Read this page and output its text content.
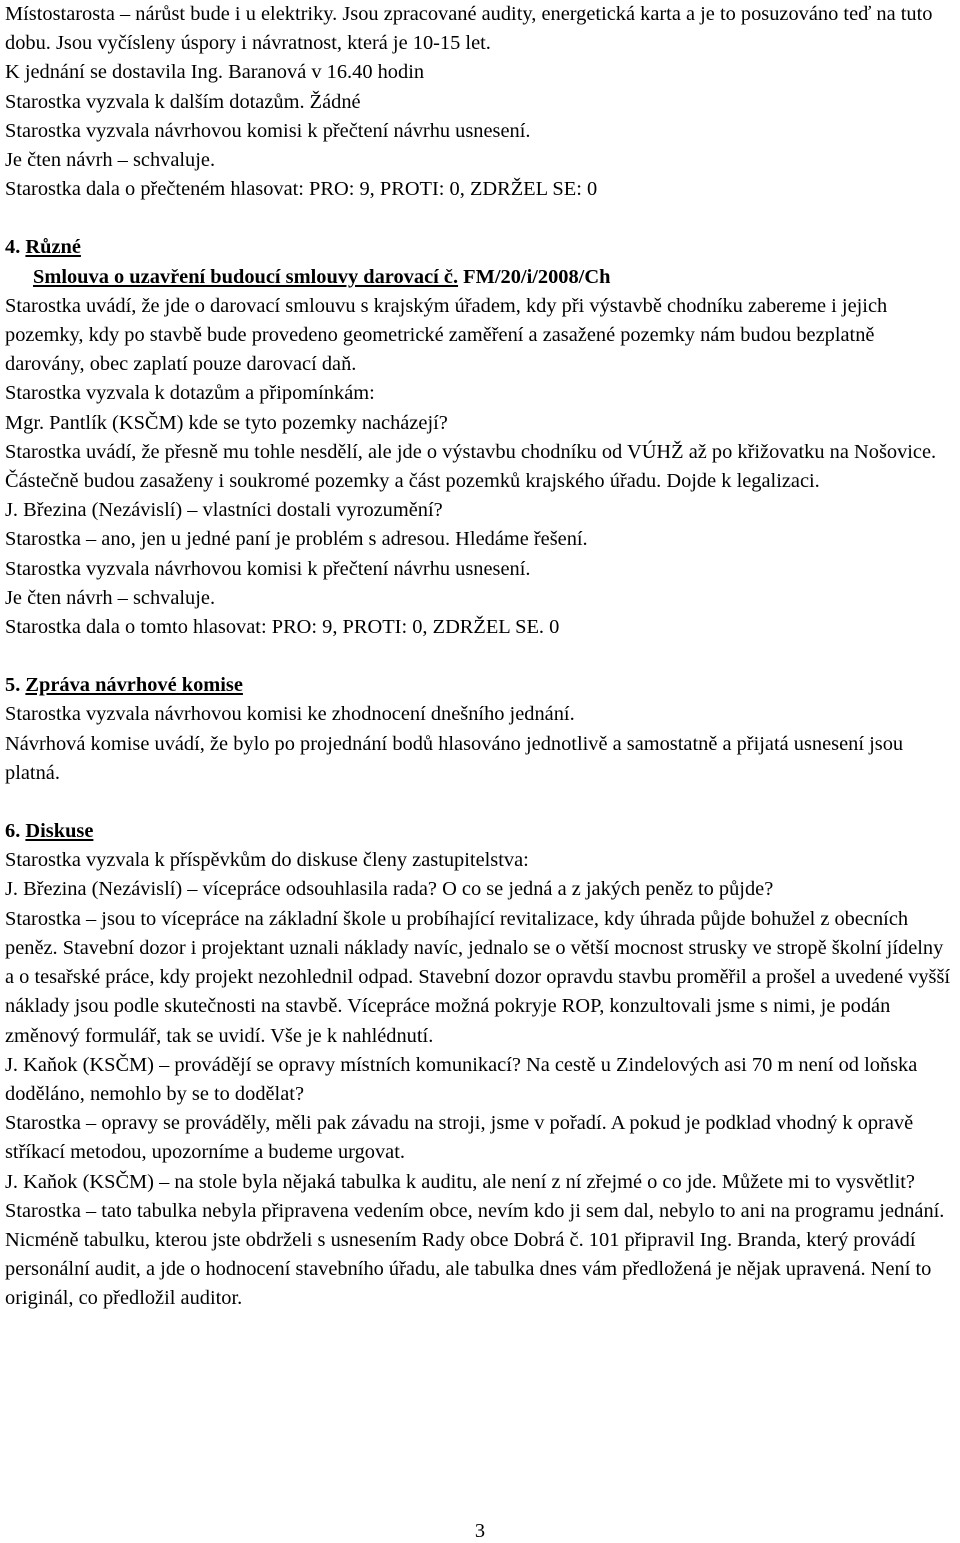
Místostarosta – nárůst bude i u elektriky. Jsou zpracované audity, energetická karta a je to posuzováno teď na tuto dobu. Jsou vyčísleny úspory i návratnost, která je 10-15 let.

K jednání se dostavila Ing. Baranová v 16.40 hodin

Starostka vyzvala k dalším dotazům. Žádné

Starostka vyzvala návrhovou komisi k přečtení návrhu usnesení.

Je čten návrh – schvaluje.

Starostka dala o přečteném hlasovat: PRO: 9, PROTI: 0, ZDRŽEL SE: 0

4. Různé

Smlouva o uzavření budoucí smlouvy darovací č. FM/20/i/2008/Ch

Starostka uvádí, že jde o darovací smlouvu s krajským úřadem, kdy při výstavbě chodníku zabereme i jejich pozemky, kdy po stavbě bude provedeno geometrické zaměření a zasažené pozemky nám budou bezplatně darovány, obec zaplatí pouze darovací daň.

Starostka vyzvala k dotazům a připomínkám:

Mgr. Pantlík (KSČM) kde se tyto pozemky nacházejí?

Starostka uvádí, že přesně mu tohle nesdělí, ale jde o výstavbu chodníku od VÚHŽ až po křižovatku na Nošovice. Částečně budou zasaženy i soukromé pozemky a část pozemků krajského úřadu. Dojde k legalizaci.

J. Březina (Nezávislí) – vlastníci dostali vyrozumění?

Starostka – ano, jen u jedné paní je problém s adresou. Hledáme řešení.

Starostka vyzvala návrhovou komisi k přečtení návrhu usnesení.

Je čten návrh – schvaluje.

Starostka dala o tomto hlasovat: PRO: 9, PROTI: 0, ZDRŽEL SE. 0

5. Zpráva návrhové komise

Starostka vyzvala návrhovou komisi ke zhodnocení dnešního jednání.

Návrhová komise uvádí, že bylo po projednání bodů hlasováno jednotlivě a samostatně a přijatá usnesení jsou platná.

6. Diskuse

Starostka vyzvala k příspěvkům do diskuse členy zastupitelstva:

J. Březina (Nezávislí) – vícepráce odsouhlasila rada? O co se jedná a z jakých peněz to půjde?

Starostka – jsou to vícepráce na základní škole u probíhající revitalizace, kdy úhrada půjde bohužel z obecních peněz. Stavební dozor i projektant uznali náklady navíc, jednalo se o větší mocnost strusky ve stropě školní jídelny a o tesařské práce, kdy projekt nezohlednil odpad. Stavební dozor opravdu stavbu proměřil a prošel a uvedené vyšší náklady jsou podle skutečnosti na stavbě. Vícepráce možná pokryje ROP, konzultovali jsme s nimi, je podán změnový formulář, tak se uvidí. Vše je k nahlédnutí.

J. Kaňok (KSČM) – provádějí se opravy místních komunikací? Na cestě u Zindelových asi 70 m není od loňska doděláno, nemohlo by se to dodělat?

Starostka – opravy se prováděly, měli pak závadu na stroji, jsme v pořadí. A pokud je podklad vhodný k opravě stříkací metodou, upozorníme a budeme urgovat.

J. Kaňok (KSČM) – na stole byla nějaká tabulka k auditu, ale není z ní zřejmé o co jde. Můžete mi to vysvětlit?

Starostka – tato tabulka nebyla připravena vedením obce, nevím kdo ji sem dal, nebylo to ani na programu jednání. Nicméně tabulku, kterou jste obdrželi s usnesením Rady obce Dobrá č. 101 připravil Ing. Branda, který provádí personální audit, a jde o hodnocení stavebního úřadu, ale tabulka dnes vám předložená je nějak upravená. Není to originál, co předložil auditor.

3
